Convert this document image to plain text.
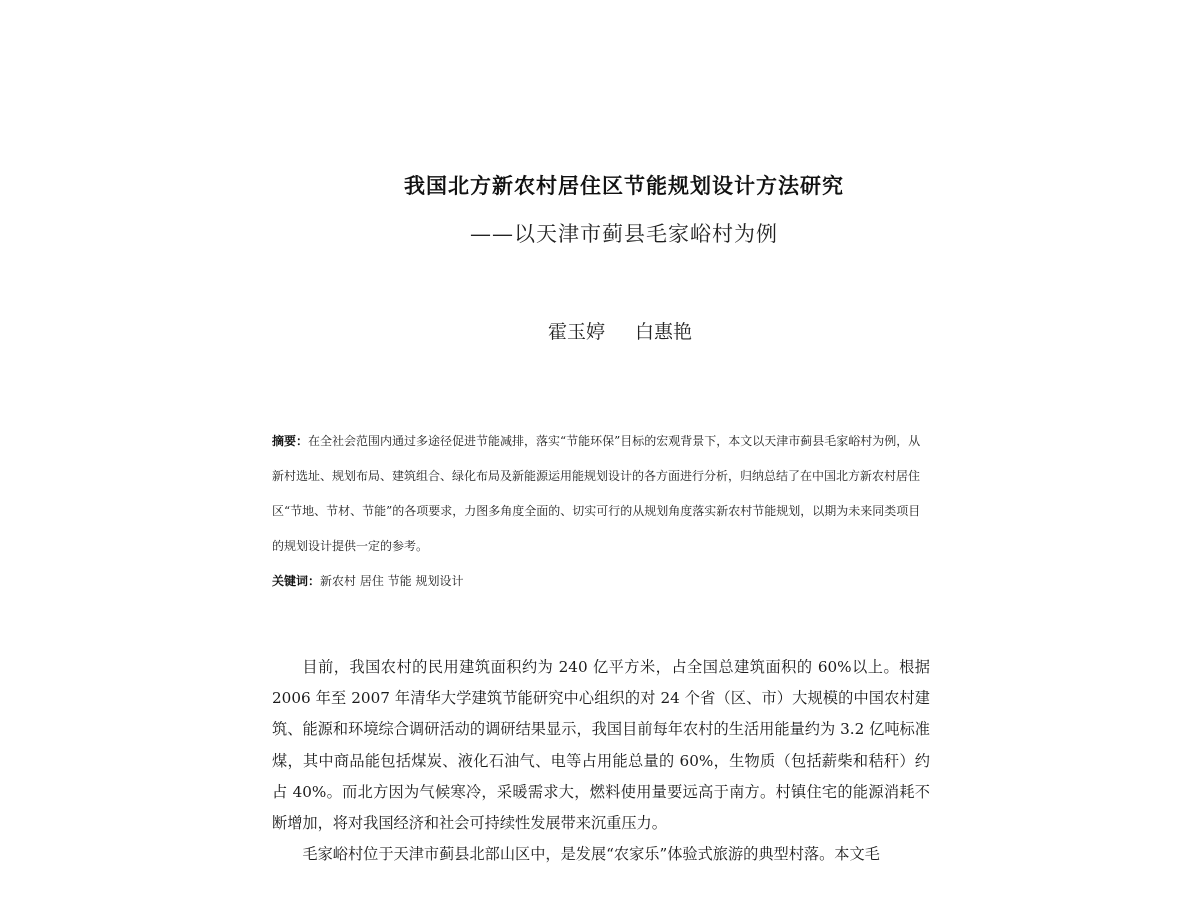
我国北方新农村居住区节能规划设计方法研究
——以天津市蓟县毛家峪村为例
霍玉婷 白惠艳
摘要：在全社会范围内通过多途径促进节能减排，落实“节能环保”目标的宏观背景下，本文以天津市蓟县毛家峪村为例，从新村选址、规划布局、建筑组合、绿化布局及新能源运用能规划设计的各方面进行分析，归纳总结了在中国北方新农村居住区“节地、节材、节能”的各项要求，力图多角度全面的、切实可行的从规划角度落实新农村节能规划，以期为未来同类项目的规划设计提供一定的参考。
关键词：新农村 居住 节能 规划设计

目前，我国农村的民用建筑面积约为 240 亿平方米，占全国总建筑面积的 60%以上。根据 2006 年至 2007 年清华大学建筑节能研究中心组织的对 24 个省（区、市）大规模的中国农村建筑、能源和环境综合调研活动的调研结果显示，我国目前每年农村的生活用能量约为 3.2 亿吨标准煤，其中商品能包括煤炭、液化石油气、电等占用能总量的 60%，生物质（包括薪柴和秸秆）约占 40%。而北方因为气候寒冷，采暖需求大，燃料使用量要远高于南方。村镇住宅的能源消耗不断增加，将对我国经济和社会可持续性发展带来沉重压力。

毛家峪村位于天津市蓟县北部山区中，是发展“农家乐”体验式旅游的典型村落。本文毛
